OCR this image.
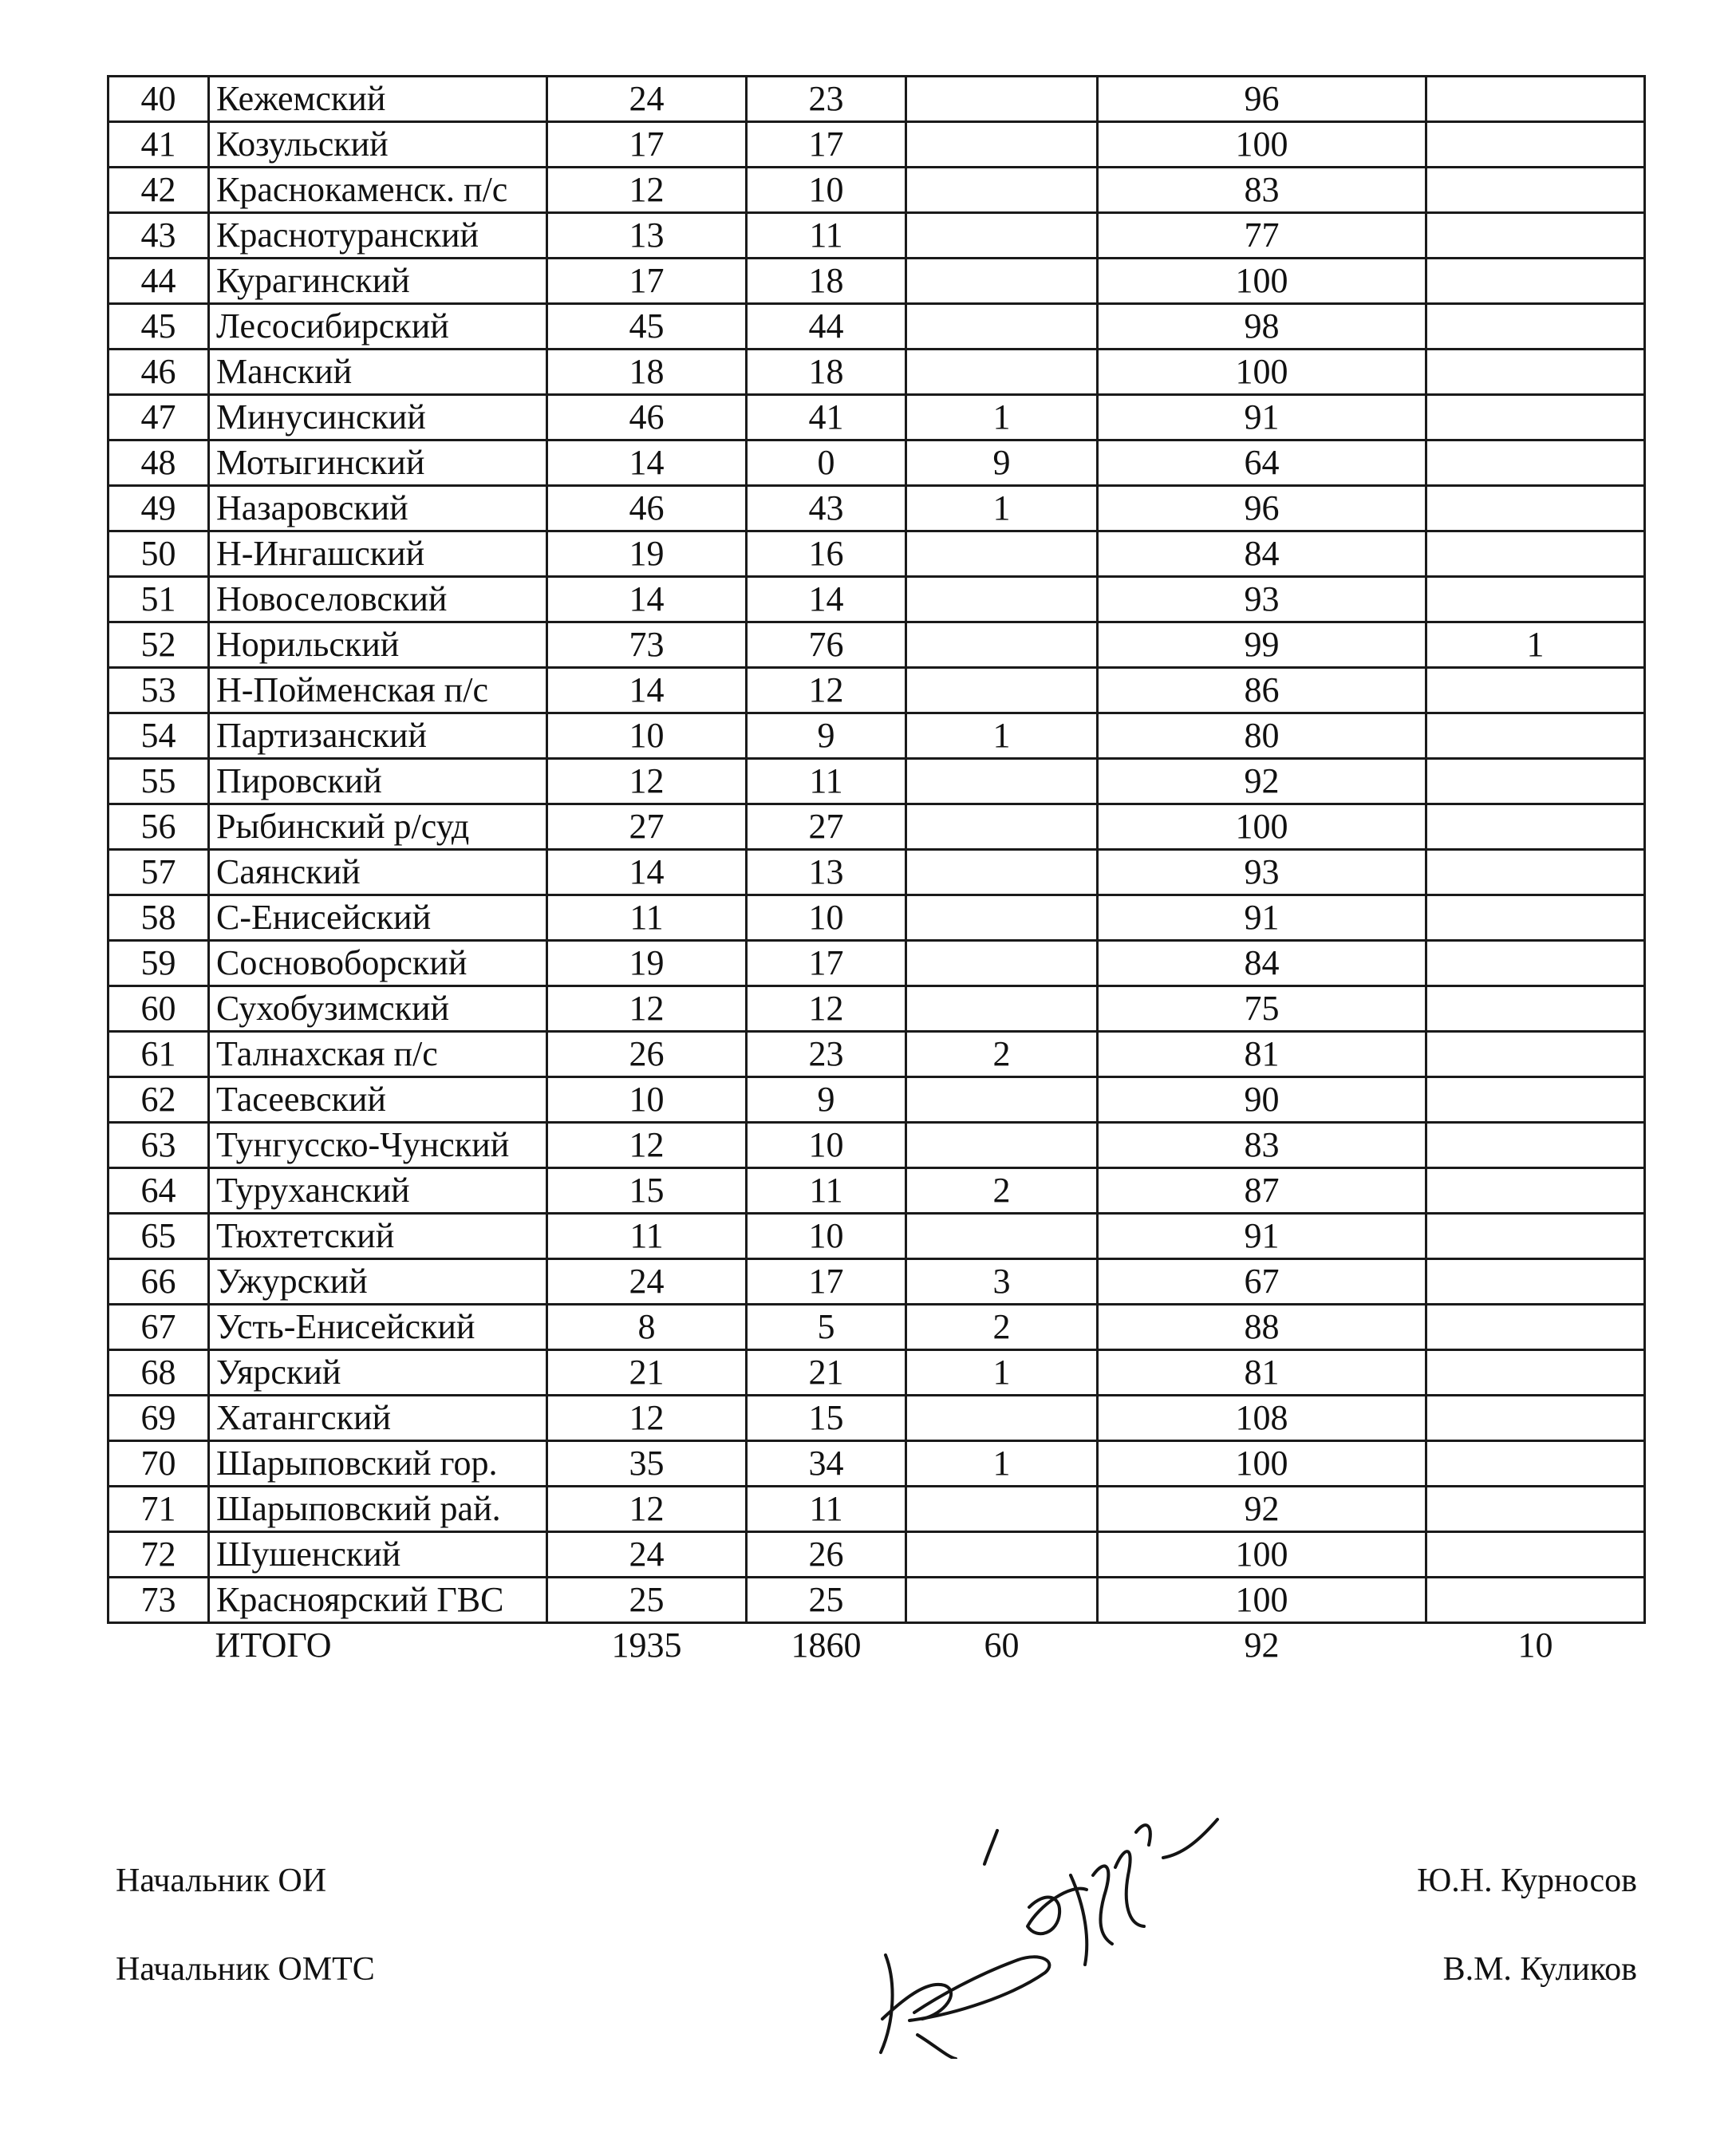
40	Кежемский	24	23		96	
41	Козульский	17	17		100	
42	Краснокаменск. п/с	12	10		83	
43	Краснотуранский	13	11		77	
44	Курагинский	17	18		100	
45	Лесосибирский	45	44		98	
46	Манский	18	18		100	
47	Минусинский	46	41	1	91	
48	Мотыгинский	14	0	9	64	
49	Назаровский	46	43	1	96	
50	Н-Ингашский	19	16		84	
51	Новоселовский	14	14		93	
52	Норильский	73	76		99	1
53	Н-Пойменская п/с	14	12		86	
54	Партизанский	10	9	1	80	
55	Пировский	12	11		92	
56	Рыбинский р/суд	27	27		100	
57	Саянский	14	13		93	
58	С-Енисейский	11	10		91	
59	Сосновоборский	19	17		84	
60	Сухобузимский	12	12		75	
61	Талнахская п/с	26	23	2	81	
62	Тасеевский	10	9		90	
63	Тунгусско-Чунский	12	10		83	
64	Туруханский	15	11	2	87	
65	Тюхтетский	11	10		91	
66	Ужурский	24	17	3	67	
67	Усть-Енисейский	8	5	2	88	
68	Уярский	21	21	1	81	
69	Хатангский	12	15		108	
70	Шарыповский гор.	35	34	1	100	
71	Шарыповский рай.	12	11		92	
72	Шушенский	24	26		100	
73	Красноярский ГВС	25	25		100	
	ИТОГО	1935	1860	60	92	10
Начальник ОИ	Ю.Н. Курносов
Начальник ОМТС	В.М. Куликов
